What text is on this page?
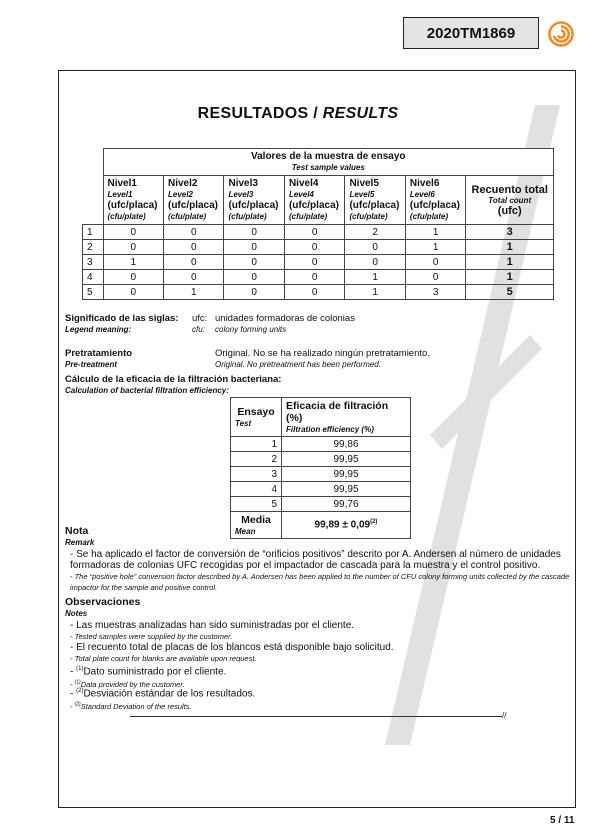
2020TM1869
RESULTADOS / RESULTS
	Valores de la muestra de ensayo
Test sample values						
	Nivel1
Level1
(ufc/placa)
(cfu/plate)	Nivel2
Level2
(ufc/placa)
(cfu/plate)	Nivel3
Level3
(ufc/placa)
(cfu/plate)	Nivel4
Level4
(ufc/placa)
(cfu/plate)	Nivel5
Level5
(ufc/placa)
(cfu/plate)	Nivel6
Level6
(ufc/placa)
(cfu/plate)	Recuento total
Total count
(ufc)
1	0	0	0	0	2	1	3
2	0	0	0	0	0	1	1
3	1	0	0	0	0	0	1
4	0	0	0	0	1	0	1
5	0	1	0	0	1	3	5
Significado de las siglas:
Legend meaning:
ufc:
cfu:
unidades formadoras de colonias
colony forming units
Pretratamiento
Pre-treatment
Original. No se ha realizado ningún pretratamiento.
Original. No pretreatment has been performed.
Cálculo de la eficacia de la filtración bacteriana:
Calculation of bacterial filtration efficiency:
Ensayo
Test	Eficacia de filtración (%)
Filtration efficiency (%)

1	99,86
2	99,95
3	99,95
4	99,95
5	99,76
Media
Mean	$99,89 \pm 0,09^{(2)}$
Nota
Remark
- Se ha aplicado el factor de conversión de “orificios positivos” descrito por A. Andersen al número de unidades formadoras de colonias UFC recogidas por el impactador de cascada para la muestra y el control positivo.
- The “positive hole” conversion factor described by A. Andersen has been applied to the number of CFU colony forming units collected by the cascade impactor for the sample and positive control.
Observaciones
Notes
- Las muestras analizadas han sido suministradas por el cliente.
- Tested samples were supplied by the customer.
- El recuento total de placas de los blancos está disponible bajo solicitud.
- Total plate count for blanks are available upon request.
- $^{(1)}$Dato suministrado por el cliente.
- $^{(1)}$Data provided by the customer.
- $^{(2)}$Desviación estándar de los resultados.
- $^{(2)}$Standard Deviation of the results.
//
5 / 11
